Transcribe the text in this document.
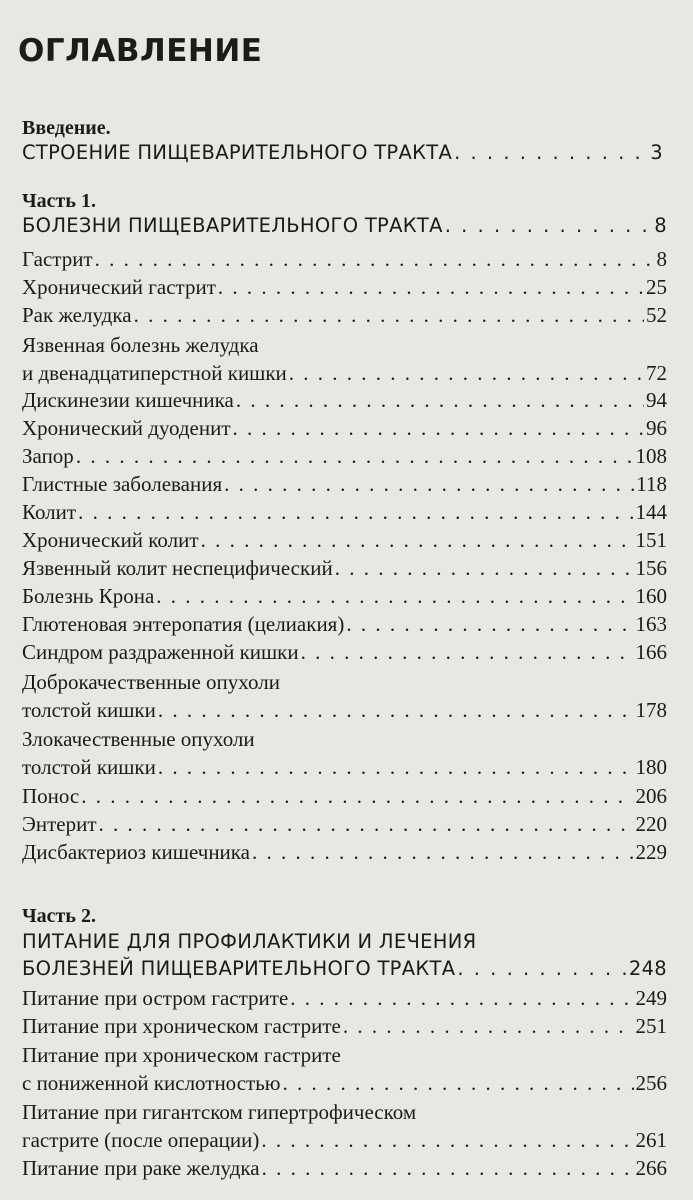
ОГЛАВЛЕНИЕ
Введение.
СТРОЕНИЕ ПИЩЕВАРИТЕЛЬНОГО ТРАКТА . . .	3
Часть 1.
БОЛЕЗНИ ПИЩЕВАРИТЕЛЬНОГО ТРАКТА . . .	8
Гастрит . . .	8
Хронический гастрит . . .	25
Рак желудка . . .	52
Язвенная болезнь желудка
и двенадцатиперстной кишки . . .	72
Дискинезии кишечника . . .	94
Хронический дуоденит . . .	96
Запор . . .	108
Глистные заболевания . . .	118
Колит . . .	144
Хронический колит . . .	151
Язвенный колит неспецифический . . .	156
Болезнь Крона . . .	160
Глютеновая энтеропатия (целиакия) . . .	163
Синдром раздраженной кишки . . .	166
Доброкачественные опухоли
толстой кишки . . .	178
Злокачественные опухоли
толстой кишки . . .	180
Понос . . .	206
Энтерит . . .	220
Дисбактериоз кишечника . . .	229
Часть 2.
ПИТАНИЕ ДЛЯ ПРОФИЛАКТИКИ И ЛЕЧЕНИЯ
БОЛЕЗНЕЙ ПИЩЕВАРИТЕЛЬНОГО ТРАКТА . . .	248
Питание при остром гастрите . . .	249
Питание при хроническом гастрите . . .	251
Питание при хроническом гастрите
с пониженной кислотностью . . .	256
Питание при гигантском гипертрофическом
гастрите (после операции) . . .	261
Питание при раке желудка . . .	266
